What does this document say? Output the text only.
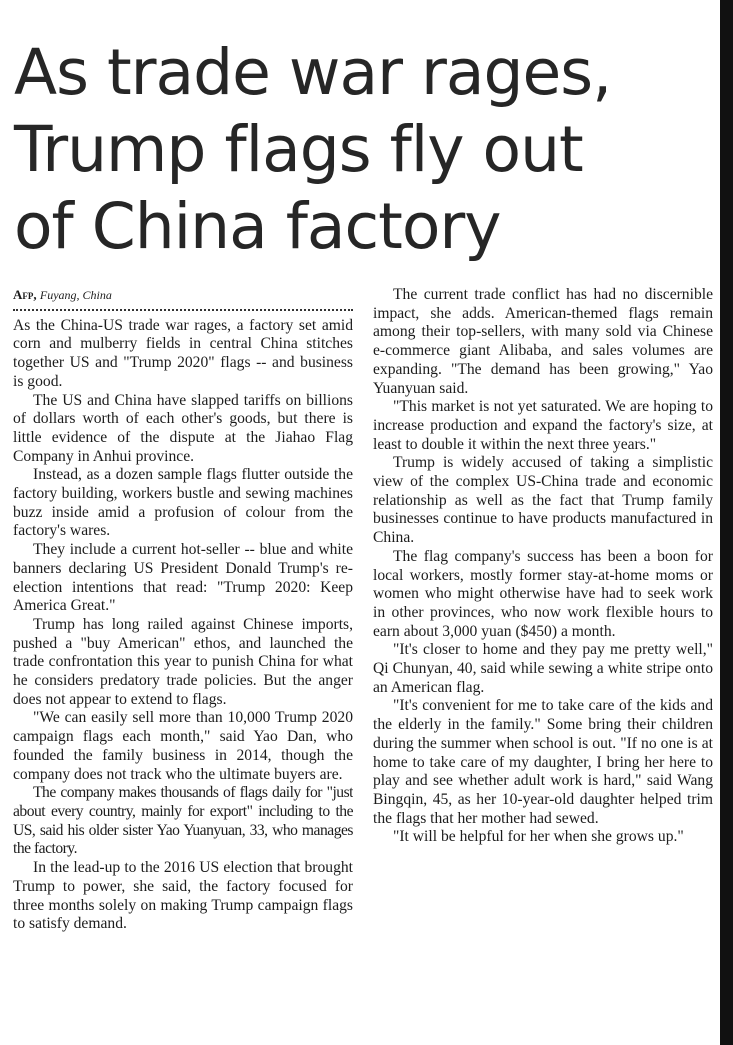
As trade war rages,
Trump flags fly out
of China factory
Afp, Fuyang, China

As the China-US trade war rages, a factory set amid corn and mulberry fields in central China stitches together US and "Trump 2020" flags -- and business is good.

The US and China have slapped tariffs on billions of dollars worth of each other's goods, but there is little evidence of the dispute at the Jiahao Flag Company in Anhui province.

Instead, as a dozen sample flags flutter outside the factory building, workers bustle and sewing machines buzz inside amid a profusion of colour from the factory's wares.

They include a current hot-seller -- blue and white banners declaring US President Donald Trump's re-election intentions that read: "Trump 2020: Keep America Great."

Trump has long railed against Chinese imports, pushed a "buy American" ethos, and launched the trade confrontation this year to punish China for what he considers predatory trade policies. But the anger does not appear to extend to flags.

"We can easily sell more than 10,000 Trump 2020 campaign flags each month," said Yao Dan, who founded the family business in 2014, though the company does not track who the ultimate buyers are.

The company makes thousands of flags daily for "just about every country, mainly for export" including to the US, said his older sister Yao Yuanyuan, 33, who manages the factory.

In the lead-up to the 2016 US election that brought Trump to power, she said, the factory focused for three months solely on making Trump campaign flags to satisfy demand.

The current trade conflict has had no discernible impact, she adds. American-themed flags remain among their top-sellers, with many sold via Chinese e-commerce giant Alibaba, and sales volumes are expanding. "The demand has been growing," Yao Yuanyuan said.

"This market is not yet saturated. We are hoping to increase production and expand the factory's size, at least to double it within the next three years."

Trump is widely accused of taking a simplistic view of the complex US-China trade and economic relationship as well as the fact that Trump family businesses continue to have products manufactured in China.

The flag company's success has been a boon for local workers, mostly former stay-at-home moms or women who might otherwise have had to seek work in other provinces, who now work flexible hours to earn about 3,000 yuan ($450) a month.

"It's closer to home and they pay me pretty well," Qi Chunyan, 40, said while sewing a white stripe onto an American flag.

"It's convenient for me to take care of the kids and the elderly in the family." Some bring their children during the summer when school is out. "If no one is at home to take care of my daughter, I bring her here to play and see whether adult work is hard," said Wang Bingqin, 45, as her 10-year-old daughter helped trim the flags that her mother had sewed.

"It will be helpful for her when she grows up."
